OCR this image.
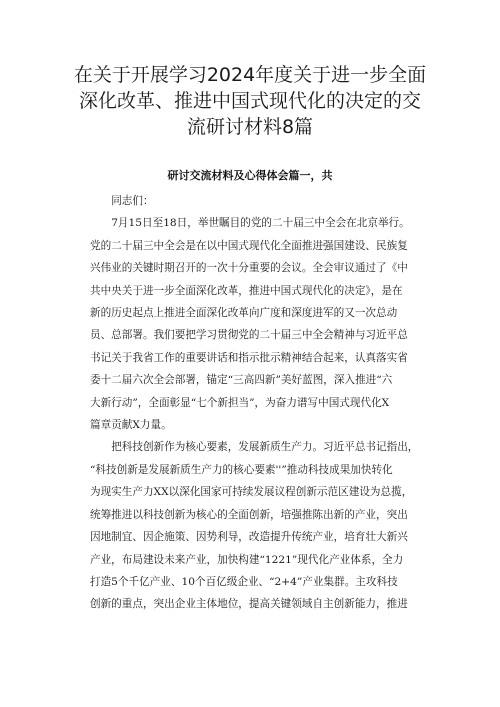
在关于开展学习2024年度关于进一步全面
深化改革、推进中国式现代化的决定的交
流研讨材料8篇
研讨交流材料及心得体会篇一，共

同志们：

7月15日至18日，举世瞩目的党的二十届三中全会在北京举行。

党的二十届三中全会是在以中国式现代化全面推进强国建设、民族复

兴伟业的关键时期召开的一次十分重要的会议。全会审议通过了《中

共中央关于进一步全面深化改革，推进中国式现代化的决定》，是在

新的历史起点上推进全面深化改革向广度和深度进军的又一次总动

员、总部署。我们要把学习贯彻党的二十届三中全会精神与习近平总

书记关于我省工作的重要讲话和指示批示精神结合起来，认真落实省

委十二届六次全会部署，锚定“三高四新”美好蓝图，深入推进“六

大新行动”，全面彰显“七个新担当”，为奋力谱写中国式现代化X

篇章贡献X力量。

把科技创新作为核心要素，发展新质生产力。习近平总书记指出，

“科技创新是发展新质生产力的核心要素''”推动科技成果加快转化

为现实生产力XX以深化国家可持续发展议程创新示范区建设为总揽，

统筹推进以科技创新为核心的全面创新，培强推陈出新的产业，突出

因地制宜、因企施策、因势利导，改造提升传统产业，培育壮大新兴

产业，布局建设未来产业，加快构建“1221”现代化产业体系，全力

打造5个千亿产业、10个百亿级企业、“2+4”产业集群。主攻科技

创新的重点，突出企业主体地位，提高关键领域自主创新能力，推进
